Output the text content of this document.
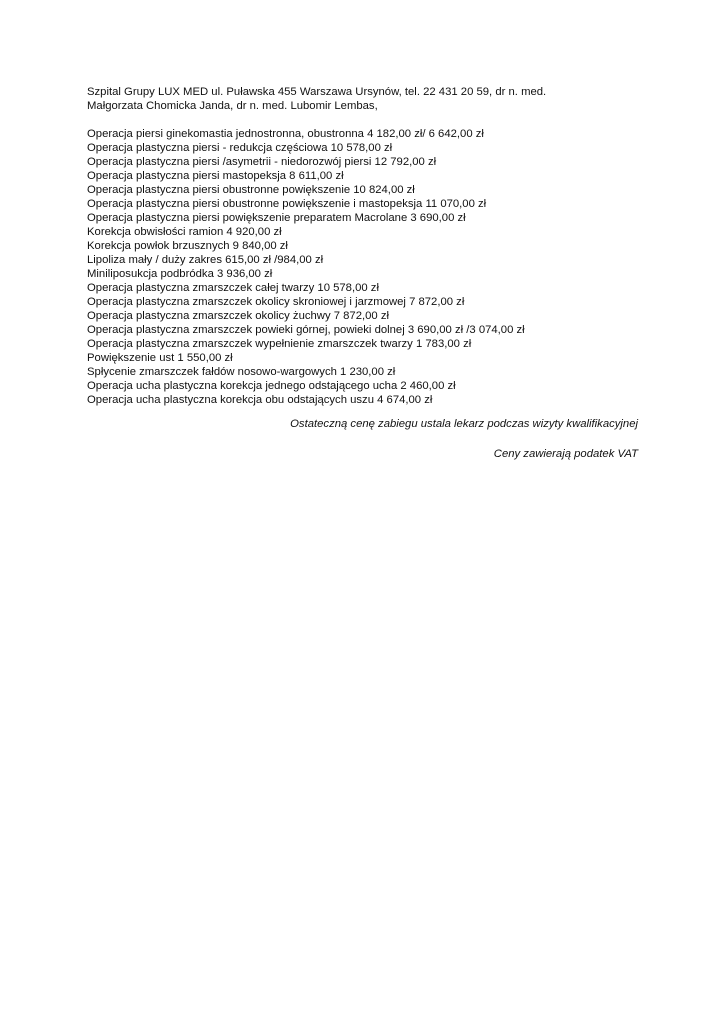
Szpital Grupy LUX MED ul. Puławska 455 Warszawa Ursynów, tel. 22 431 20 59, dr n. med.

Małgorzata Chomicka Janda, dr n. med. Lubomir Lembas,

Operacja piersi ginekomastia jednostronna, obustronna 4 182,00 zł/ 6 642,00 zł
Operacja plastyczna piersi - redukcja częściowa 10 578,00 zł
Operacja plastyczna piersi /asymetrii - niedorozwój piersi 12 792,00 zł
Operacja plastyczna piersi mastopeksja 8 611,00 zł
Operacja plastyczna piersi obustronne powiększenie 10 824,00 zł
Operacja plastyczna piersi obustronne powiększenie i mastopeksja 11 070,00 zł
Operacja plastyczna piersi powiększenie preparatem Macrolane 3 690,00 zł
Korekcja obwisłości ramion 4 920,00 zł
Korekcja powłok brzusznych 9 840,00 zł
Lipoliza mały / duży zakres 615,00 zł /984,00 zł
Miniliposukcja podbródka 3 936,00 zł
Operacja plastyczna zmarszczek całej twarzy 10 578,00 zł
Operacja plastyczna zmarszczek okolicy skroniowej i jarzmowej 7 872,00 zł
Operacja plastyczna zmarszczek okolicy żuchwy 7 872,00 zł
Operacja plastyczna zmarszczek powieki górnej, powieki dolnej 3 690,00 zł /3 074,00 zł
Operacja plastyczna zmarszczek wypełnienie zmarszczek twarzy 1 783,00 zł
Powiększenie ust 1 550,00 zł
Spłycenie zmarszczek fałdów nosowo-wargowych 1 230,00 zł
Operacja ucha plastyczna korekcja jednego odstającego ucha 2 460,00 zł
Operacja ucha plastyczna korekcja obu odstających uszu 4 674,00 zł

Ostateczną cenę zabiegu ustala lekarz podczas wizyty kwalifikacyjnej

Ceny zawierają podatek VAT
